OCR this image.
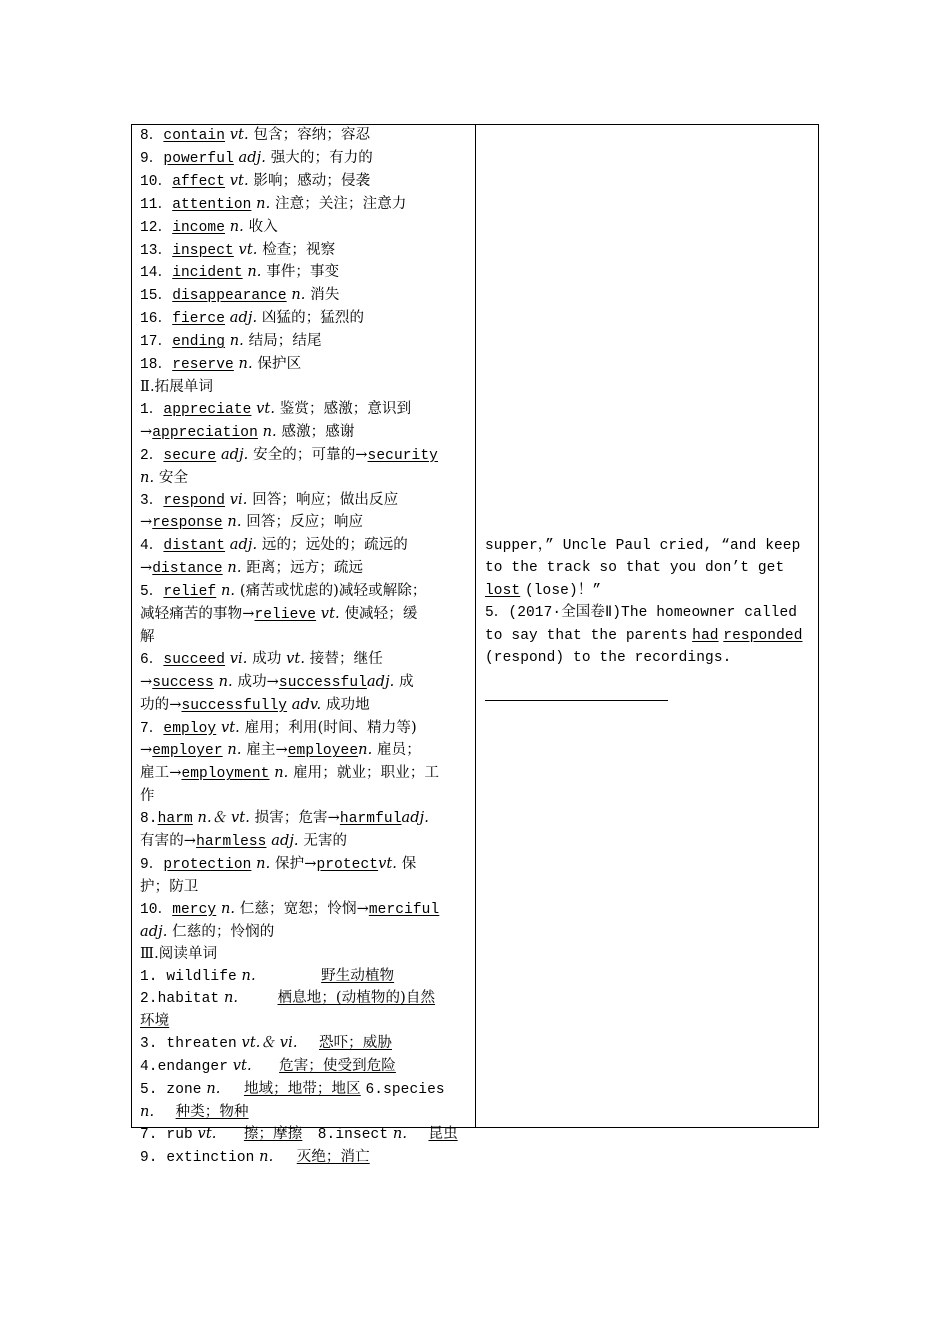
8．contain vt. 包含；容纳；容忍
9．powerful adj. 强大的；有力的
10．affect vt. 影响；感动；侵袭
11．attention n. 注意；关注；注意力
12．income n. 收入
13．inspect vt. 检查；视察
14．incident n. 事件；事变
15．disappearance n. 消失
16．fierce adj. 凶猛的；猛烈的
17．ending n. 结局；结尾
18．reserve n. 保护区
Ⅱ.拓展单词
1．appreciate vt. 鉴赏；感激；意识到
→appreciation n. 感激；感谢
2．secure adj. 安全的；可靠的→security
n. 安全
3．respond vi. 回答；响应；做出反应
→response n. 回答；反应；响应
4．distant adj. 远的；远处的；疏远的
→distance n. 距离；远方；疏远
5．relief n. (痛苦或忧虑的)减轻或解除；
减轻痛苦的事物→relieve vt. 使减轻；缓
解
6．succeed vi. 成功 vt. 接替；继任
→success n. 成功→successfuladj. 成
功的→successfully adv. 成功地
7．employ vt. 雇用；利用(时间、精力等)
→employer n. 雇主→employeen. 雇员；
雇工→employment n. 雇用；就业；职业；工
作
8.harm n.＆ vt. 损害；危害→harmfuladj.
有害的→harmless adj. 无害的
9．protection n. 保护→protectvt. 保
护；防卫
10．mercy n. 仁慈；宽恕；怜悯→merciful
adj. 仁慈的；怜悯的
Ⅲ.阅读单词
1. wildlife n.	野生动植物
2.habitat n.	栖息地；(动植物的)自然
环境
3. threaten vt.＆ vi. 恐吓；威胁
4.endanger vt. 危害；使受到危险
5. zone n. 地域；地带；地区 6.species
n. 种类；物种
7. rub vt. 擦；摩擦 8.insect n. 昆虫
9. extinction n. 灭绝；消亡
supper，” Uncle Paul cried, “and keep
to the track so that you don’t get
lost (lose)！”
5．(2017·全国卷Ⅱ)The homeowner called
to say that the parents had responded
(respond) to the recordings.
